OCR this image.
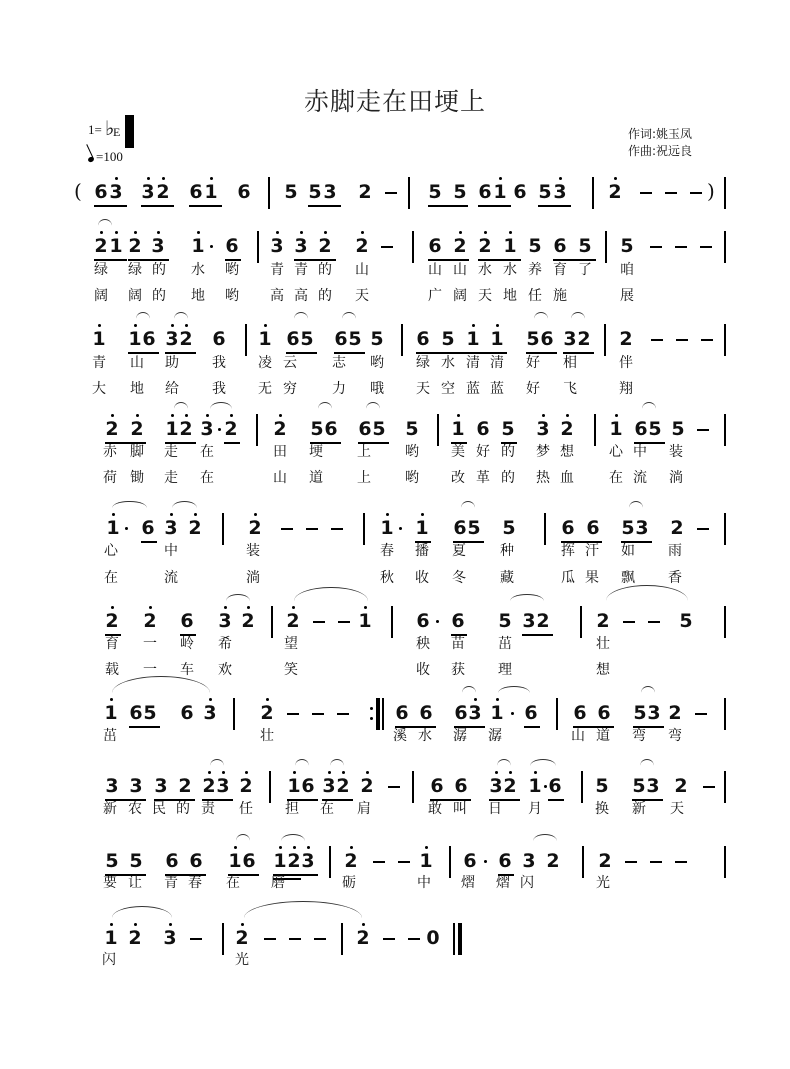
赤脚走在田埂上
1= ♭
E
=100
作词:姚玉凤
作曲:祝远良
6 3 3 2 6 1 6 5 5 3 2	5 5 6 1 6 5 3 2
(	)
2 1 2 3 1 6 3 3 2 2	6 2 2 1 5 6 5 5
绿 绿 的 水 哟 青 青 的 山	山 山 水 水 养 育 了 咱
阔 阔 的 地 哟 高 高 的 天	广 阔 天 地 任 施	展
1 1 6 3 2 6 1 6 5 6 5 5 6 5 1 1 5 6 3 2 2
青 山 助 我 凌 云	志 哟 绿 水 清 清 好 相	伴
大 地 给 我 无 穷	力 哦 天 空 蓝 蓝 好 飞	翔
2 2 1 2 3 2 2 5 6 6 5 5 1 6 5 3 2 1 6 5 5
赤 脚 走 在	田 埂 上 哟 美 好 的 梦 想	心 中 装
荷 锄 走 在	山 道 上 哟 改 革 的 热 血	在 流 淌
1 6 3 2 2	1 1 6 5 5 6 6 5 3 2
心	中	装	春 播 夏 种	挥 汗 如 雨
在	流	淌	秋 收 冬 藏	瓜 果 飘 香
2 2 6 3 2 2	1 6 6 5 3 2 2	5
育 一 岭 希	望	秧 苗 茁	壮
载 一 车 欢	笑	收 获 理	想
1 6 5 6 3 2	6 6 6 3 1 6 6 6 5 3 2
茁	壮	溪 水 潺 潺	山 道 弯 弯
3 3 3 2 2 3 2 1 6 3 2 2	6 6 3 2 1 6 5 5 3 2
新 农 民 的 责 任 担 在 肩	敢 叫 日 月	换 新 天
5 5 6 6 1 6 1 2 3 2	1 6 6 3 2 2
要 让 青 春 在 磨	砺	中 熠 熠 闪	光
1 2 3	2	2	0
闪	光
